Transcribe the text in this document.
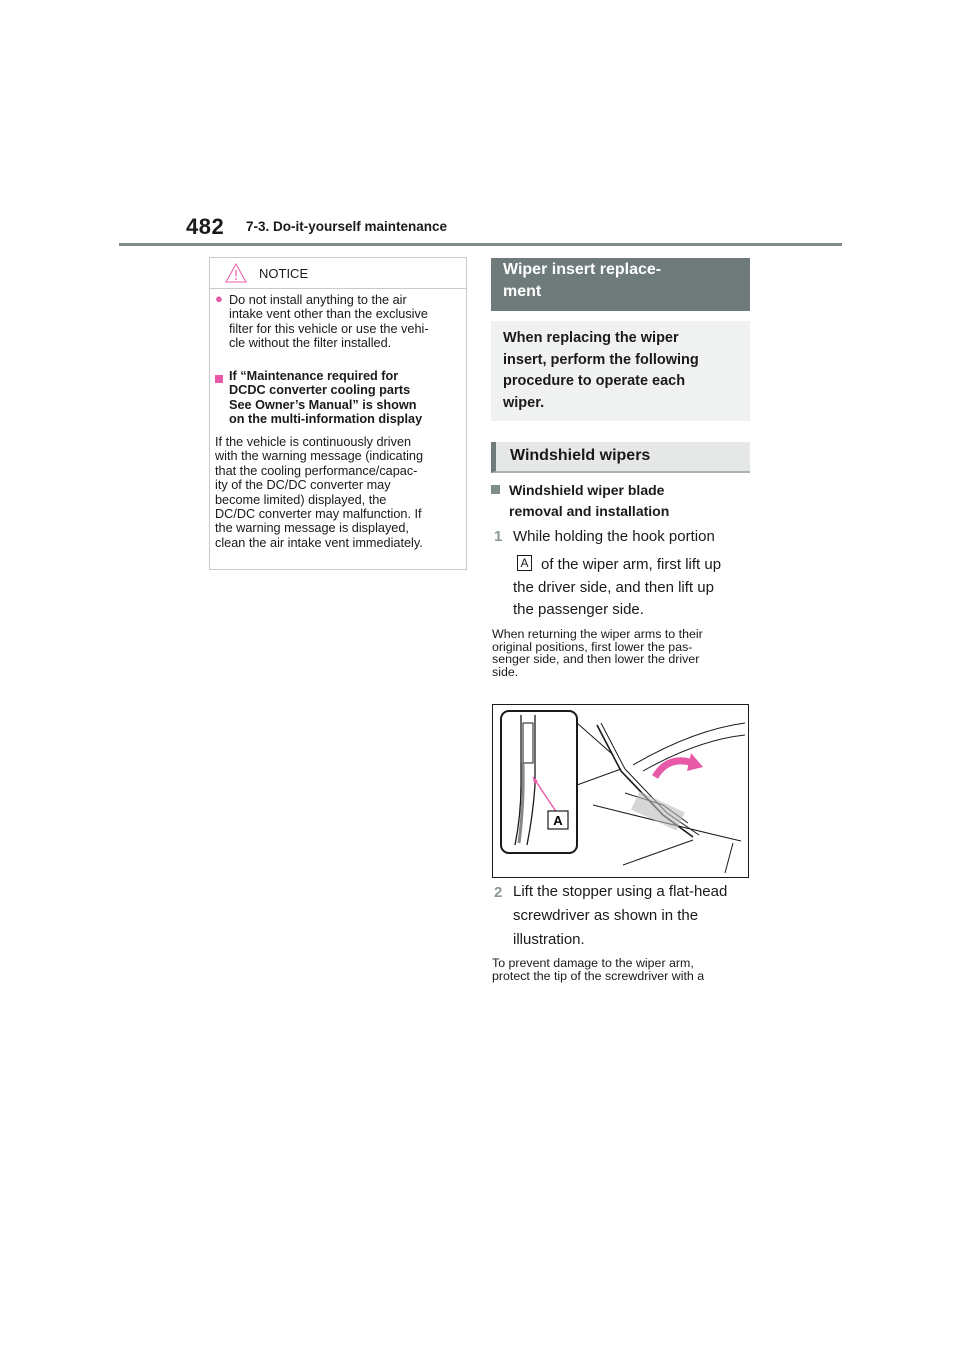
482 7-3. Do-it-yourself maintenance
NOTICE
● Do not install anything to the air
intake vent other than the exclusive
filter for this vehicle or use the vehi-
cle without the filter installed.
If “Maintenance required for
DCDC converter cooling parts
See Owner’s Manual” is shown
on the multi-information display
If the vehicle is continuously driven
with the warning message (indicating
that the cooling performance/capac-
ity of the DC/DC converter may
become limited) displayed, the
DC/DC converter may malfunction. If
the warning message is displayed,
clean the air intake vent immediately.
Wiper insert replace-
ment
When replacing the wiper
insert, perform the following
procedure to operate each
wiper.
Windshield wipers
Windshield wiper blade
removal and installation
1 While holding the hook portion
A of the wiper arm, first lift up
the driver side, and then lift up
the passenger side.
When returning the wiper arms to their
original positions, first lower the pas-
senger side, and then lower the driver
side.
A
2 Lift the stopper using a flat-head
screwdriver as shown in the
illustration.
To prevent damage to the wiper arm,
protect the tip of the screwdriver with a
